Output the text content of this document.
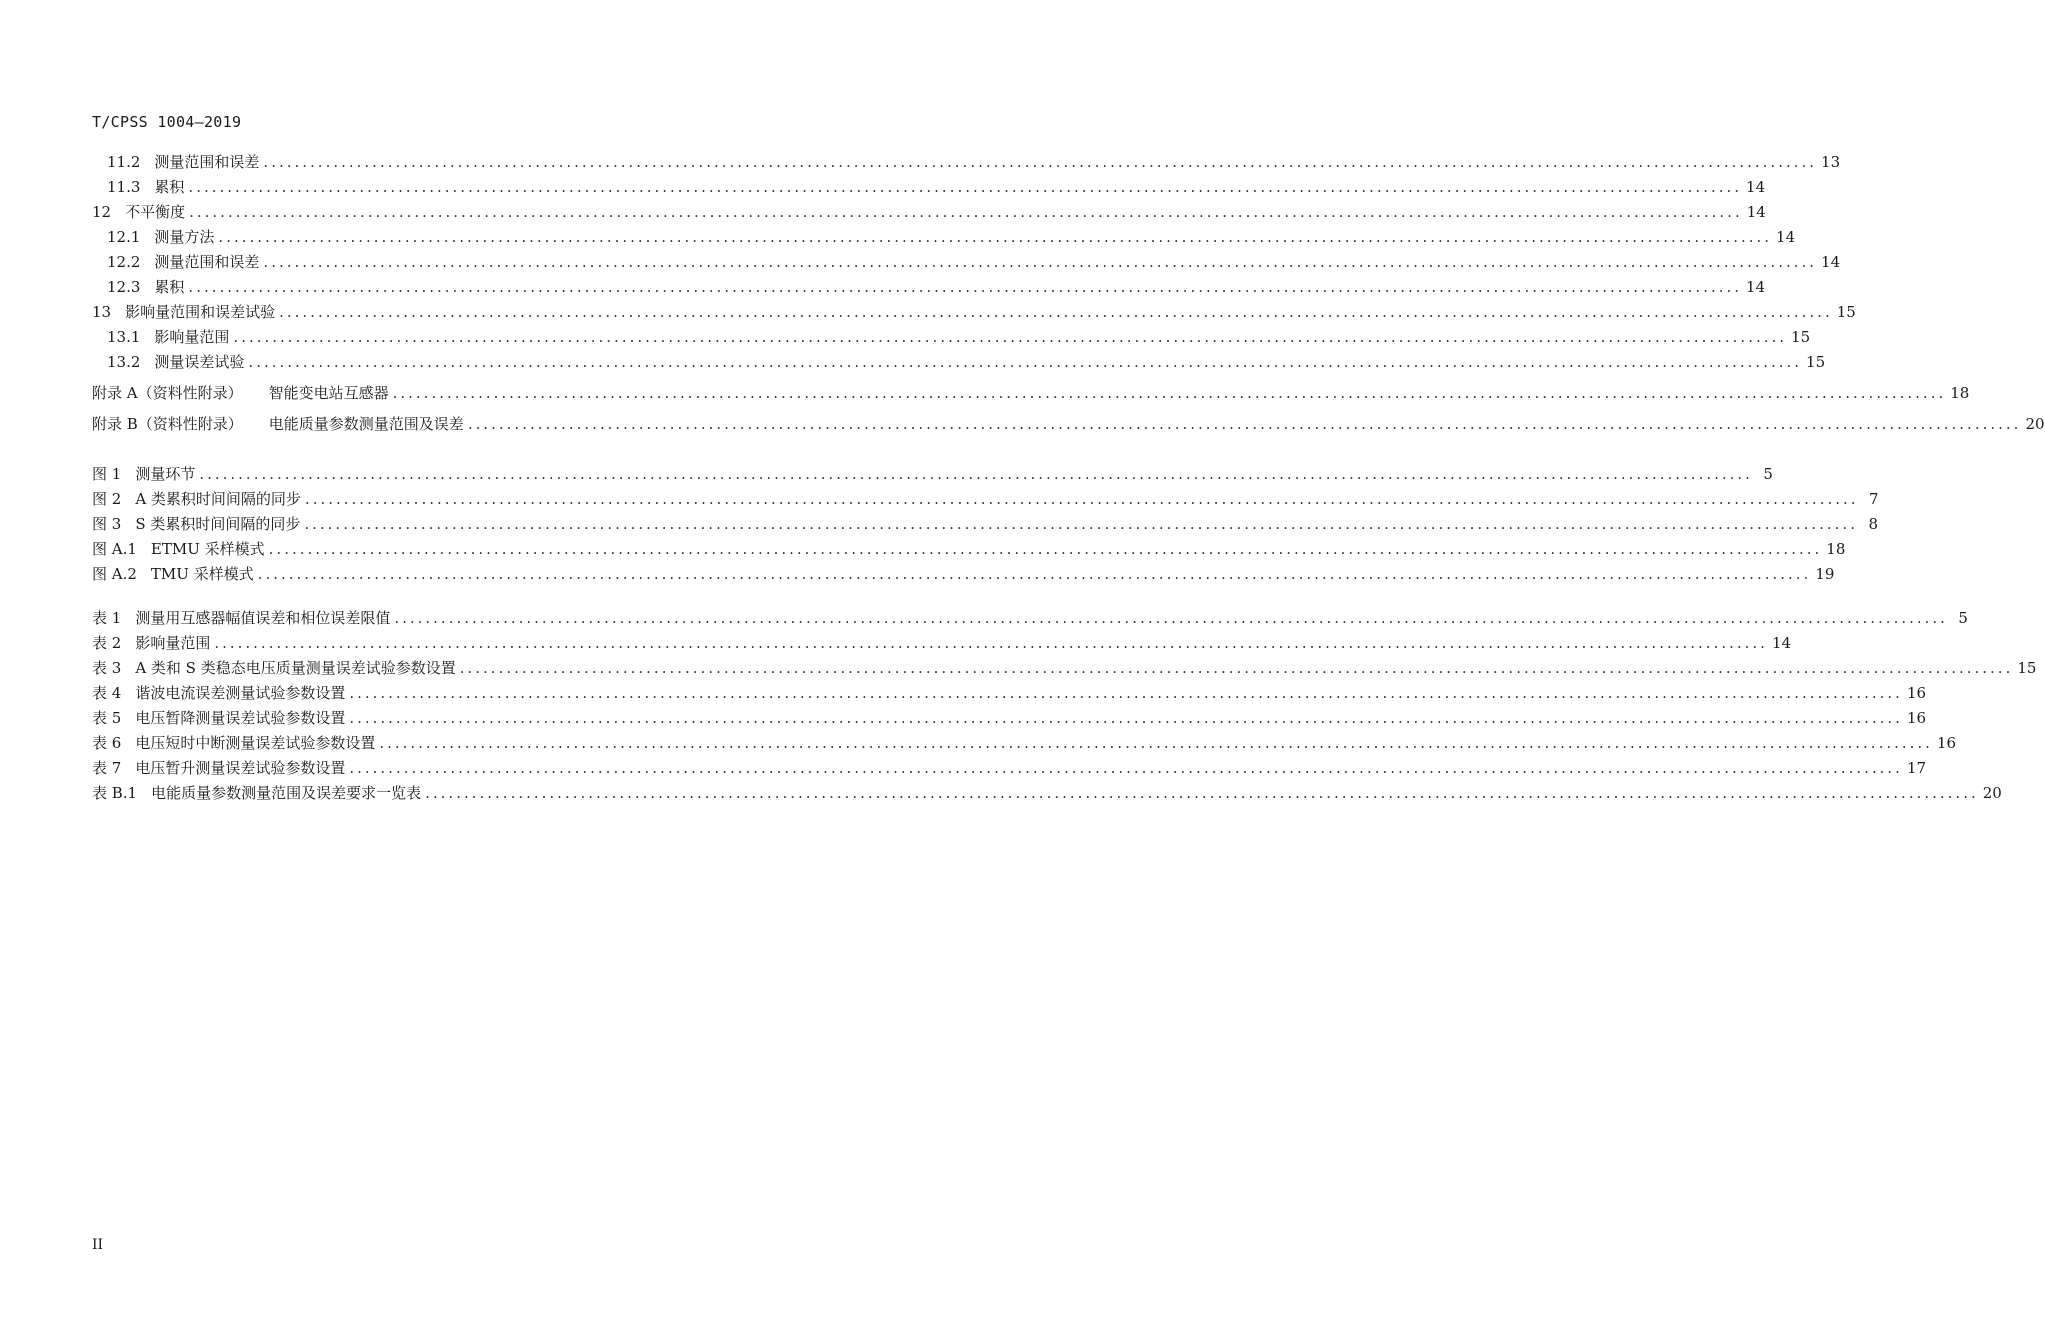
T/CPSS 1004—2019
11.2 测量范围和误差 ........................................................................................................................................................................................................ 13
11.3 累积 ........................................................................................................................................................................................................ 14
12 不平衡度 ........................................................................................................................................................................................................ 14
12.1 测量方法 ........................................................................................................................................................................................................ 14
12.2 测量范围和误差 ........................................................................................................................................................................................................ 14
12.3 累积 ........................................................................................................................................................................................................ 14
13 影响量范围和误差试验 ........................................................................................................................................................................................................ 15
13.1 影响量范围 ........................................................................................................................................................................................................ 15
13.2 测量误差试验 ........................................................................................................................................................................................................ 15
附录 A（资料性附录） 智能变电站互感器 ........................................................................................................................................................................................................ 18
附录 B（资料性附录） 电能质量参数测量范围及误差 ........................................................................................................................................................................................................ 20
图 1 测量环节 ........................................................................................................................................................................................................ 5
图 2 A 类累积时间间隔的同步 ........................................................................................................................................................................................................ 7
图 3 S 类累积时间间隔的同步 ........................................................................................................................................................................................................ 8
图 A.1 ETMU 采样模式 ........................................................................................................................................................................................................ 18
图 A.2 TMU 采样模式 ........................................................................................................................................................................................................ 19
表 1 测量用互感器幅值误差和相位误差限值 ........................................................................................................................................................................................................ 5
表 2 影响量范围 ........................................................................................................................................................................................................ 14
表 3 A 类和 S 类稳态电压质量测量误差试验参数设置 ........................................................................................................................................................................................................ 15
表 4 谐波电流误差测量试验参数设置 ........................................................................................................................................................................................................ 16
表 5 电压暂降测量误差试验参数设置 ........................................................................................................................................................................................................ 16
表 6 电压短时中断测量误差试验参数设置 ........................................................................................................................................................................................................ 16
表 7 电压暂升测量误差试验参数设置 ........................................................................................................................................................................................................ 17
表 B.1 电能质量参数测量范围及误差要求一览表 ........................................................................................................................................................................................................ 20
II
